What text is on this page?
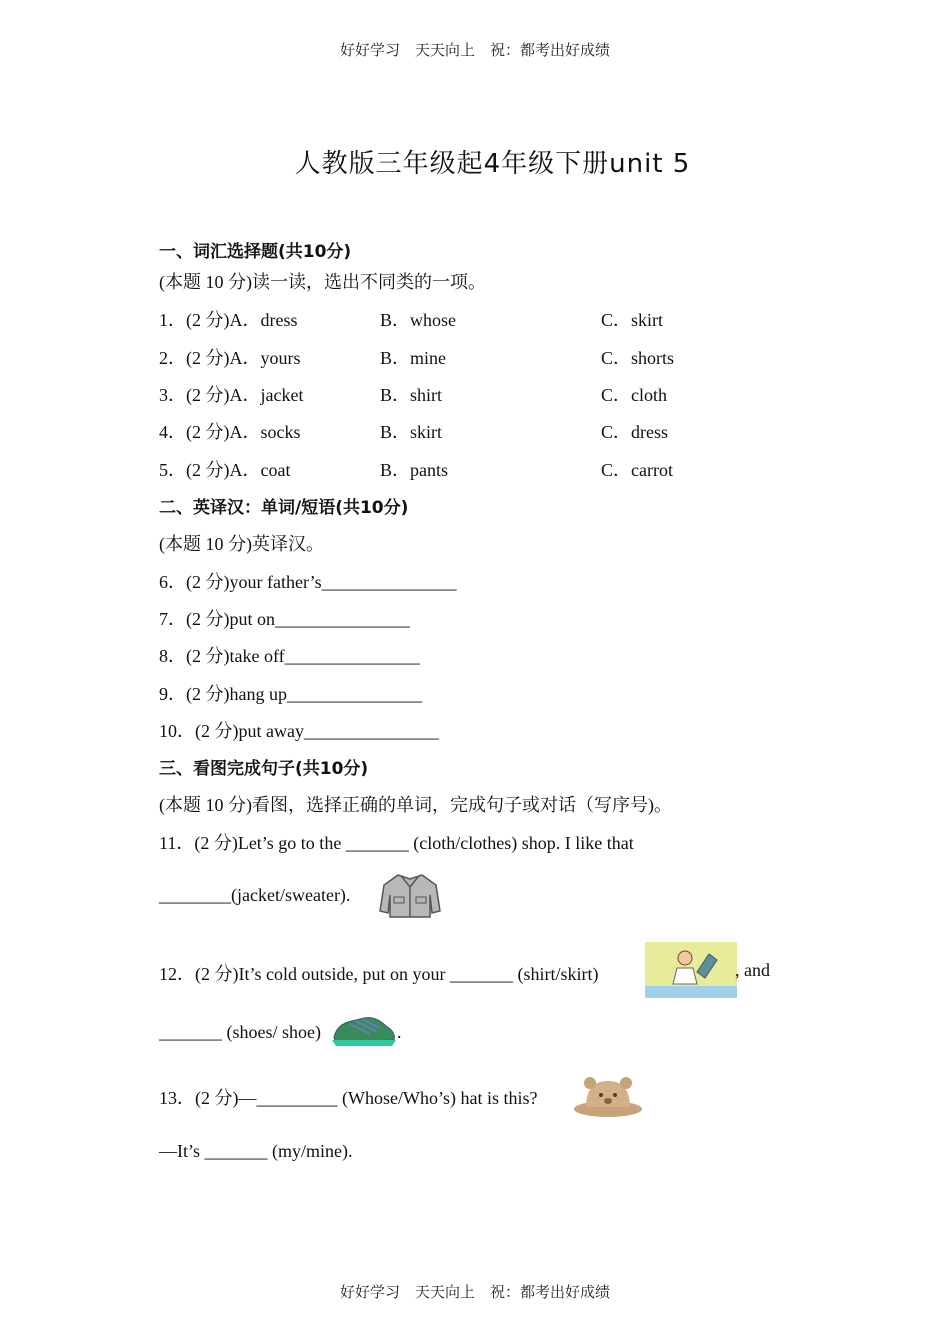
好好学习　天天向上　祝：都考出好成绩
人教版三年级起4年级下册unit 5
一、词汇选择题(共10分)
(本题 10 分)读一读，选出不同类的一项。
1．(2 分)A．dress	B．whose	C．skirt
2．(2 分)A．yours	B．mine	C．shorts
3．(2 分)A．jacket	B．shirt	C．cloth
4．(2 分)A．socks	B．skirt	C．dress
5．(2 分)A．coat	B．pants	C．carrot
二、英译汉：单词/短语(共10分)
(本题 10 分)英译汉。
6．(2 分)your father’s_______________
7．(2 分)put on_______________
8．(2 分)take off_______________
9．(2 分)hang up_______________
10．(2 分)put away_______________
三、看图完成句子(共10分)
(本题 10 分)看图，选择正确的单词，完成句子或对话（写序号)。
11．(2 分)Let’s go to the _______ (cloth/clothes) shop. I like that
________(jacket/sweater).
12．(2 分)It’s cold outside, put on your _______ (shirt/skirt)	, and
_______ (shoes/ shoe)	.
13．(2 分)—_________ (Whose/Who’s) hat is this?
—It’s _______ (my/mine).
好好学习　天天向上　祝：都考出好成绩
